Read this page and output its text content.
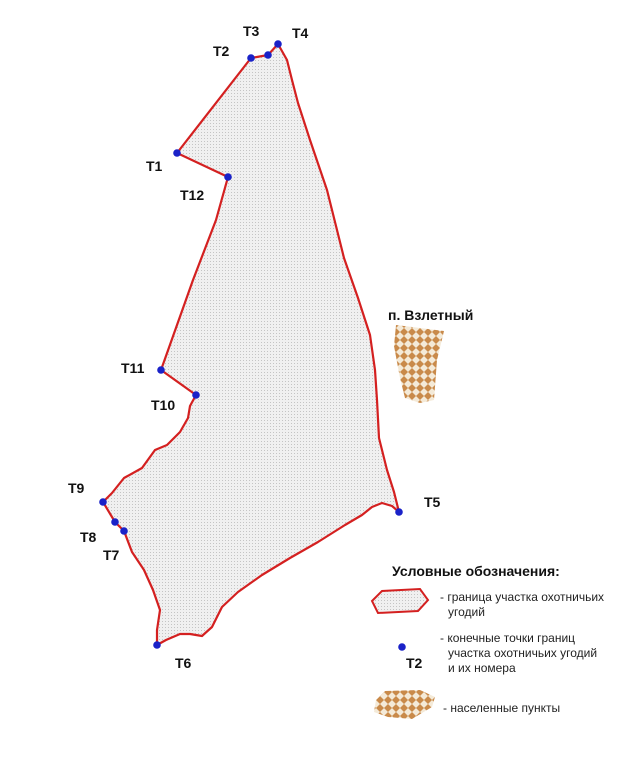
п. Взлетный
Т1
Т2
Т3 Т4
Т5
Т6
Т7
Т8
Т9
Т10
Т11
Т12
Условные обозначения:
- граница участка охотничьих
угодий
Т2
- конечные точки границ
участка охотничьих угодий
и их номера
- населенные пункты
